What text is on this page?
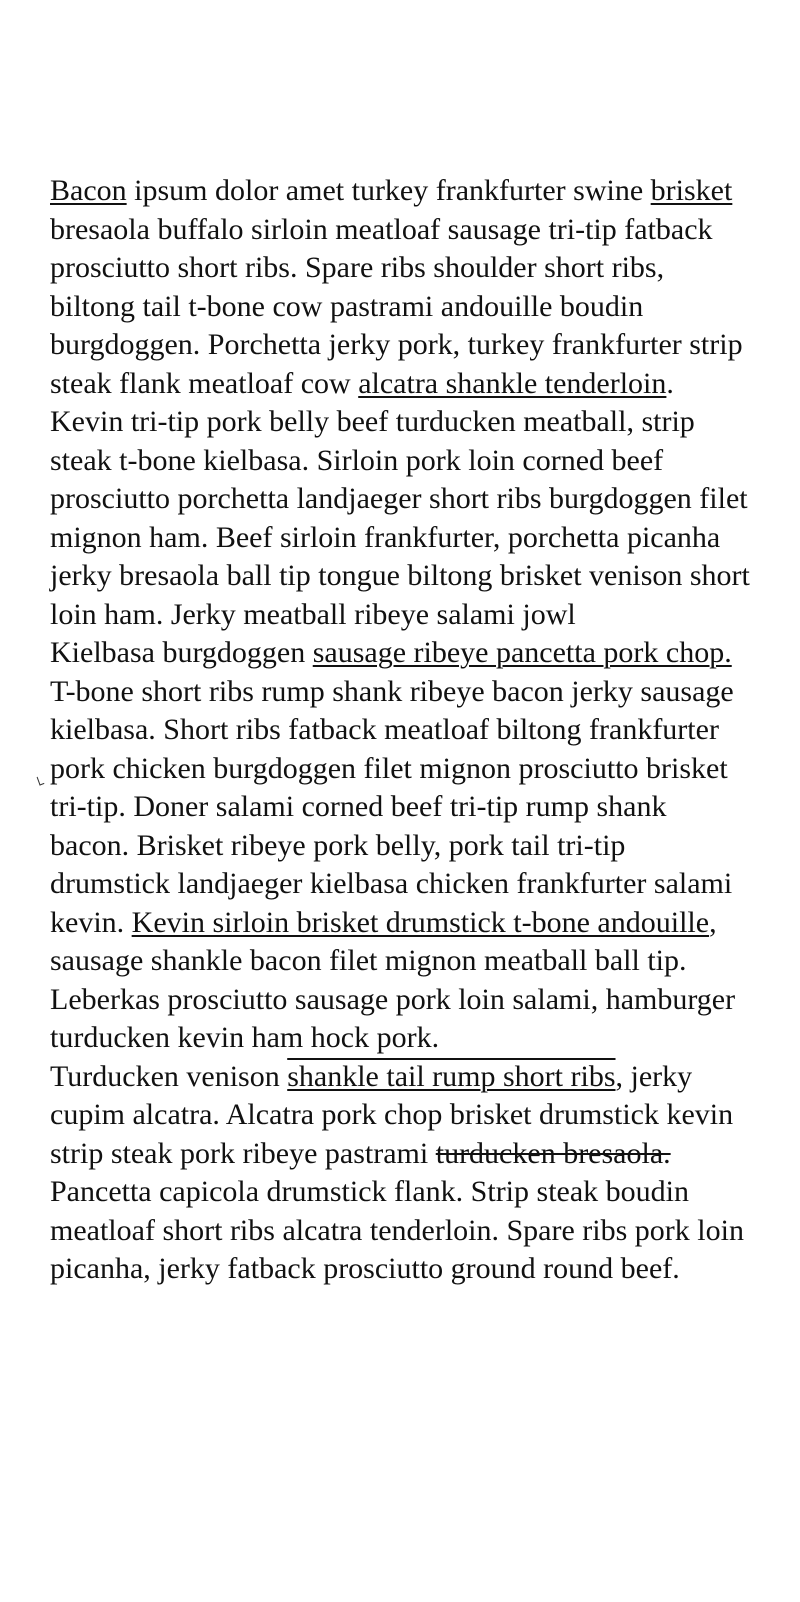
Bacon ipsum dolor amet turkey frankfurter swine brisket bresaola buffalo sirloin meatloaf sausage tri-tip fatback prosciutto short ribs. Spare ribs shoulder short ribs, biltong tail t-bone cow pastrami andouille boudin burgdoggen. Porchetta jerky pork, turkey frankfurter strip steak flank meatloaf cow alcatra shankle tenderloin. Kevin tri-tip pork belly beef turducken meatball, strip steak t-bone kielbasa. Sirloin pork loin corned beef prosciutto porchetta landjaeger short ribs burgdoggen filet mignon ham. Beef sirloin frankfurter, porchetta picanha jerky bresaola ball tip tongue biltong brisket venison short loin ham. Jerky meatball ribeye salami jowl

Kielbasa burgdoggen sausage ribeye pancetta pork chop. T-bone short ribs rump shank ribeye bacon jerky sausage kielbasa. Short ribs fatback meatloaf biltong frankfurter pork chicken burgdoggen filet mignon prosciutto brisket tri-tip. Doner salami corned beef tri-tip rump shank bacon. Brisket ribeye pork belly, pork tail tri-tip drumstick landjaeger kielbasa chicken frankfurter salami kevin. Kevin sirloin brisket drumstick t-bone andouille, sausage shankle bacon filet mignon meatball ball tip. Leberkas prosciutto sausage pork loin salami, hamburger turducken kevin ham hock pork.

Turducken venison shankle tail rump short ribs, jerky cupim alcatra. Alcatra pork chop brisket drumstick kevin strip steak pork ribeye pastrami turducken bresaola. Pancetta capicola drumstick flank. Strip steak boudin meatloaf short ribs alcatra tenderloin. Spare ribs pork loin picanha, jerky fatback prosciutto ground round beef.
